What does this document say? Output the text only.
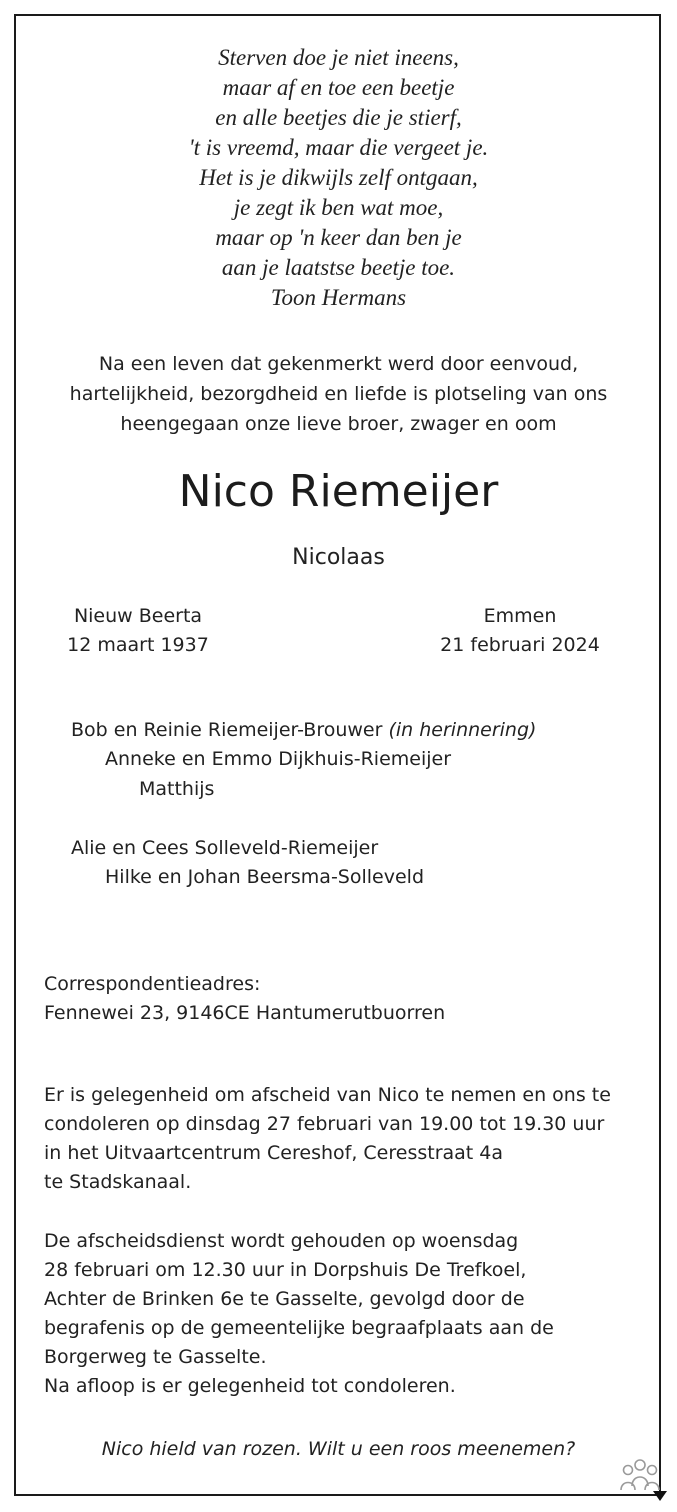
Sterven doe je niet ineens,
maar af en toe een beetje
en alle beetjes die je stierf,
't is vreemd, maar die vergeet je.
Het is je dikwijls zelf ontgaan,
je zegt ik ben wat moe,
maar op 'n keer dan ben je
aan je laatstse beetje toe.
Toon Hermans
Na een leven dat gekenmerkt werd door eenvoud,
hartelijkheid, bezorgdheid en liefde is plotseling van ons
heengegaan onze lieve broer, zwager en oom
Nico Riemeijer
Nicolaas
Nieuw Beerta
12 maart 1937
Emmen
21 februari 2024
Bob en Reinie Riemeijer-Brouwer (in herinnering)
Anneke en Emmo Dijkhuis-Riemeijer
Matthijs
Alie en Cees Solleveld-Riemeijer
Hilke en Johan Beersma-Solleveld
Correspondentieadres:
Fennewei 23, 9146CE Hantumerutbuorren
Er is gelegenheid om afscheid van Nico te nemen en ons te
condoleren op dinsdag 27 februari van 19.00 tot 19.30 uur
in het Uitvaartcentrum Cereshof, Ceresstraat 4a
te Stadskanaal.
De afscheidsdienst wordt gehouden op woensdag
28 februari om 12.30 uur in Dorpshuis De Trefkoel,
Achter de Brinken 6e te Gasselte, gevolgd door de
begrafenis op de gemeentelijke begraafplaats aan de
Borgerweg te Gasselte.
Na afloop is er gelegenheid tot condoleren.
Nico hield van rozen. Wilt u een roos meenemen?
